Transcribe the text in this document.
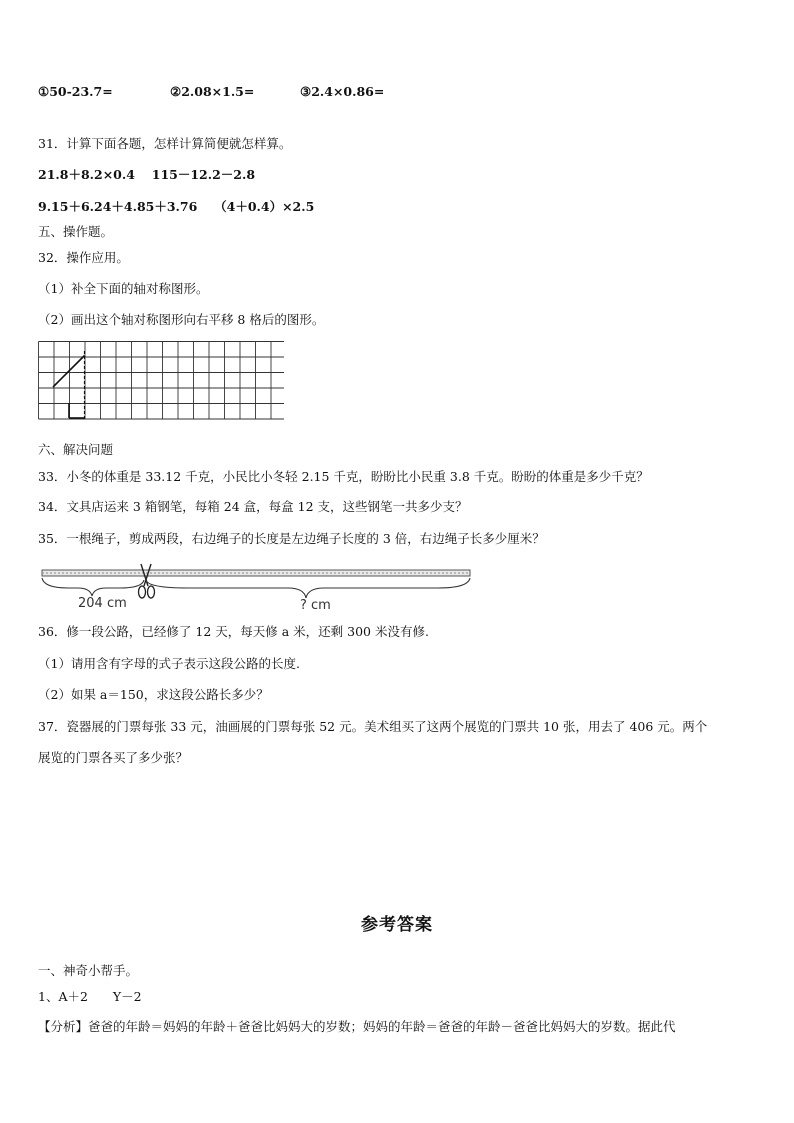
①50-23.7=	②2.08×1.5=	③2.4×0.86=
31．计算下面各题，怎样计算简便就怎样算。
21.8＋8.2×0.4　 115－12.2－2.8
9.15＋6.24＋4.85＋3.76　 （4＋0.4）×2.5
五、操作题。
32．操作应用。
（1）补全下面的轴对称图形。
（2）画出这个轴对称图形向右平移 8 格后的图形。
六、解决问题
33．小冬的体重是 33.12 千克，小民比小冬轻 2.15 千克，盼盼比小民重 3.8 千克。盼盼的体重是多少千克？
34．文具店运来 3 箱钢笔，每箱 24 盒，每盒 12 支，这些钢笔一共多少支？
35．一根绳子，剪成两段，右边绳子的长度是左边绳子长度的 3 倍，右边绳子长多少厘米？
204 cm	? cm
36．修一段公路，已经修了 12 天，每天修 a 米，还剩 300 米没有修.
（1）请用含有字母的式子表示这段公路的长度.
（2）如果 a＝150，求这段公路长多少？
37．瓷器展的门票每张 33 元，油画展的门票每张 52 元。美术组买了这两个展览的门票共 10 张，用去了 406 元。两个
展览的门票各买了多少张？
参考答案
一、神奇小帮手。
1、A＋2　　Y－2
【分析】爸爸的年龄＝妈妈的年龄＋爸爸比妈妈大的岁数；妈妈的年龄＝爸爸的年龄－爸爸比妈妈大的岁数。据此代
